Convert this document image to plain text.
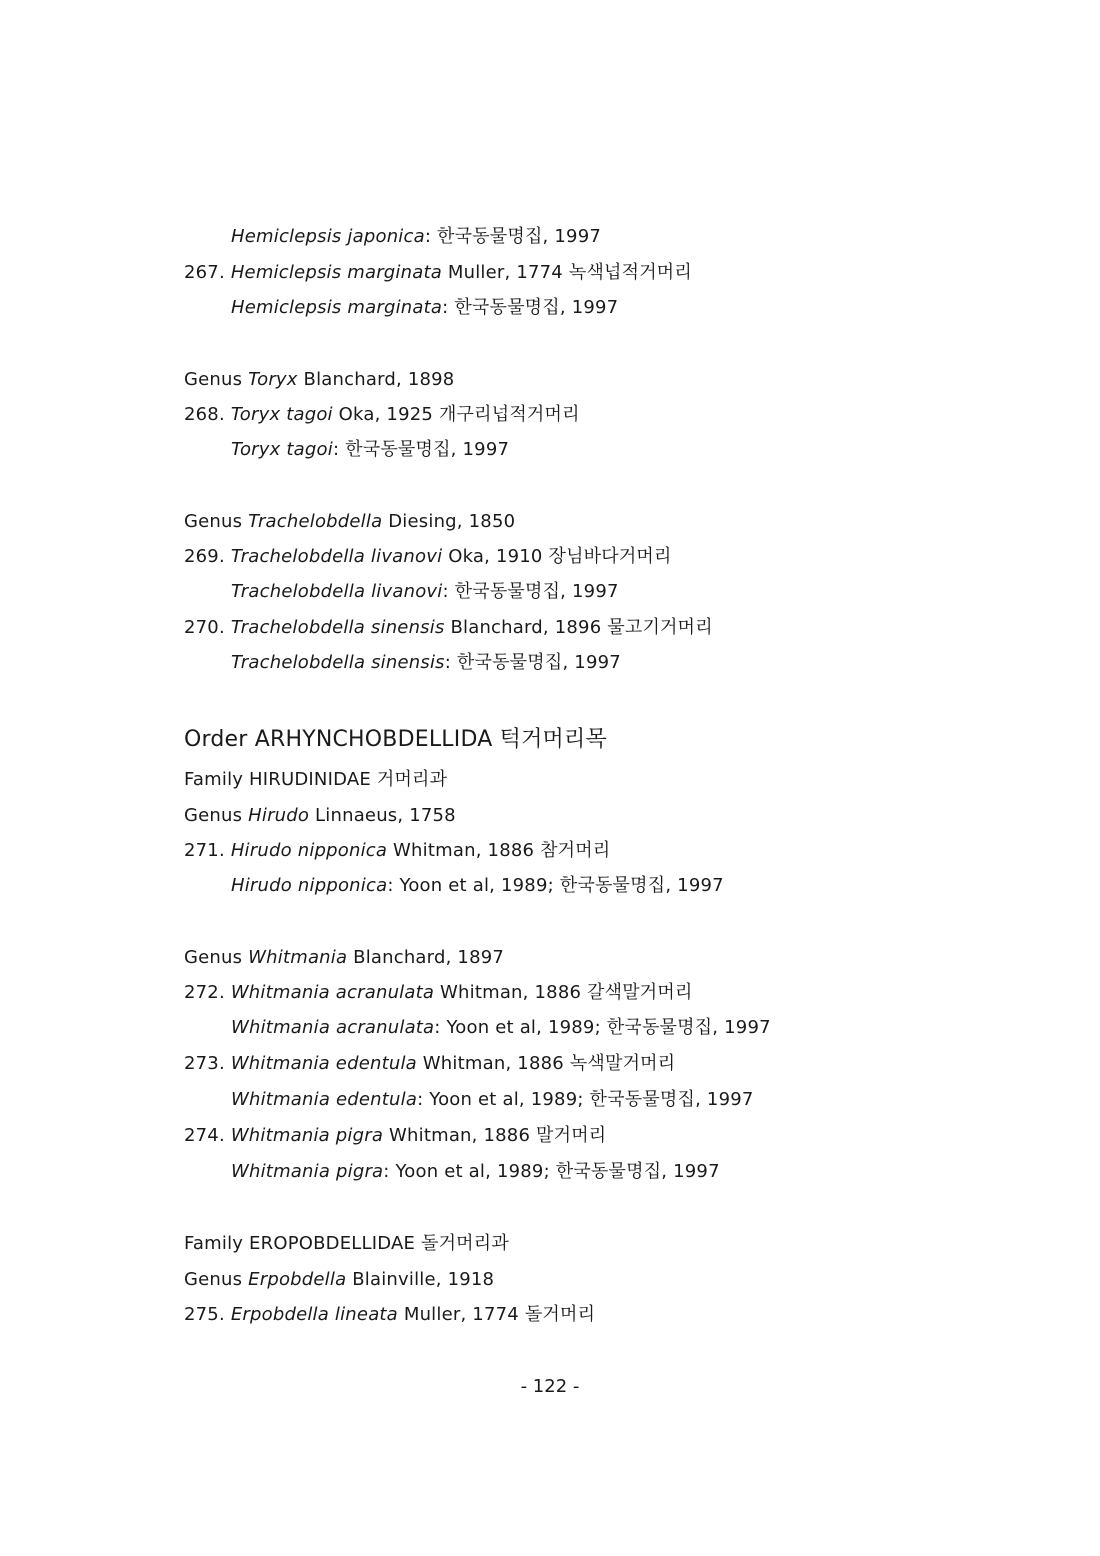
Hemiclepsis japonica: 한국동물명집, 1997
267. Hemiclepsis marginata Muller, 1774 녹색넙적거머리
Hemiclepsis marginata: 한국동물명집, 1997
Genus Toryx Blanchard, 1898
268. Toryx tagoi Oka, 1925 개구리넙적거머리
Toryx tagoi: 한국동물명집, 1997
Genus Trachelobdella Diesing, 1850
269. Trachelobdella livanovi Oka, 1910 장님바다거머리
Trachelobdella livanovi: 한국동물명집, 1997
270. Trachelobdella sinensis Blanchard, 1896 물고기거머리
Trachelobdella sinensis: 한국동물명집, 1997
Order ARHYNCHOBDELLIDA 턱거머리목
Family HIRUDINIDAE 거머리과
Genus Hirudo Linnaeus, 1758
271. Hirudo nipponica Whitman, 1886 참거머리
Hirudo nipponica: Yoon et al, 1989; 한국동물명집, 1997
Genus Whitmania Blanchard, 1897
272. Whitmania acranulata Whitman, 1886 갈색말거머리
Whitmania acranulata: Yoon et al, 1989; 한국동물명집, 1997
273. Whitmania edentula Whitman, 1886 녹색말거머리
Whitmania edentula: Yoon et al, 1989; 한국동물명집, 1997
274. Whitmania pigra Whitman, 1886 말거머리
Whitmania pigra: Yoon et al, 1989; 한국동물명집, 1997
Family EROPOBDELLIDAE 돌거머리과
Genus Erpobdella Blainville, 1918
275. Erpobdella lineata Muller, 1774 돌거머리
- 122 -
